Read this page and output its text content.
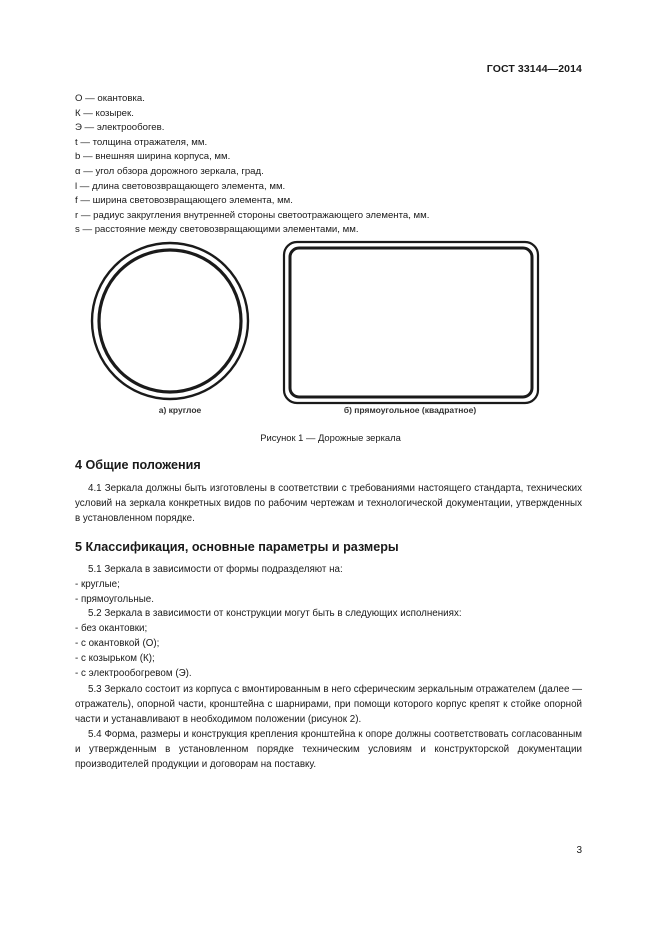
ГОСТ 33144—2014
О — окантовка.
К — козырек.
Э — электрообогев.
t — толщина отражателя, мм.
b — внешняя ширина корпуса, мм.
α — угол обзора дорожного зеркала, град.
l — длина световозвращающего элемента, мм.
f — ширина световозвращающего элемента, мм.
r — радиус закругления внутренней стороны светоотражающего элемента, мм.
s — расстояние между световозвращающими элементами, мм.
а) круглое	б) прямоугольное (квадратное)
Рисунок 1 — Дорожные зеркала
4 Общие положения

4.1 Зеркала должны быть изготовлены в соответствии с требованиями настоящего стандарта, технических условий на зеркала конкретных видов по рабочим чертежам и технологической документации, утвержденных в установленном порядке.

5 Классификация, основные параметры и размеры
5.1 Зеркала в зависимости от формы подразделяют на:
- круглые;
- прямоугольные.
5.2 Зеркала в зависимости от конструкции могут быть в следующих исполнениях:
- без окантовки;
- с окантовкой (О);
- с козырьком (К);
- с электрообогревом (Э).

5.3 Зеркало состоит из корпуса с вмонтированным в него сферическим зеркальным отражателем (далее — отражатель), опорной части, кронштейна с шарнирами, при помощи которого корпус крепят к стойке опорной части и устанавливают в необходимом положении (рисунок 2).

5.4 Форма, размеры и конструкция крепления кронштейна к опоре должны соответствовать согласованным и утвержденным в установленном порядке техническим условиям и конструкторской документации производителей продукции и договорам на поставку.

3
